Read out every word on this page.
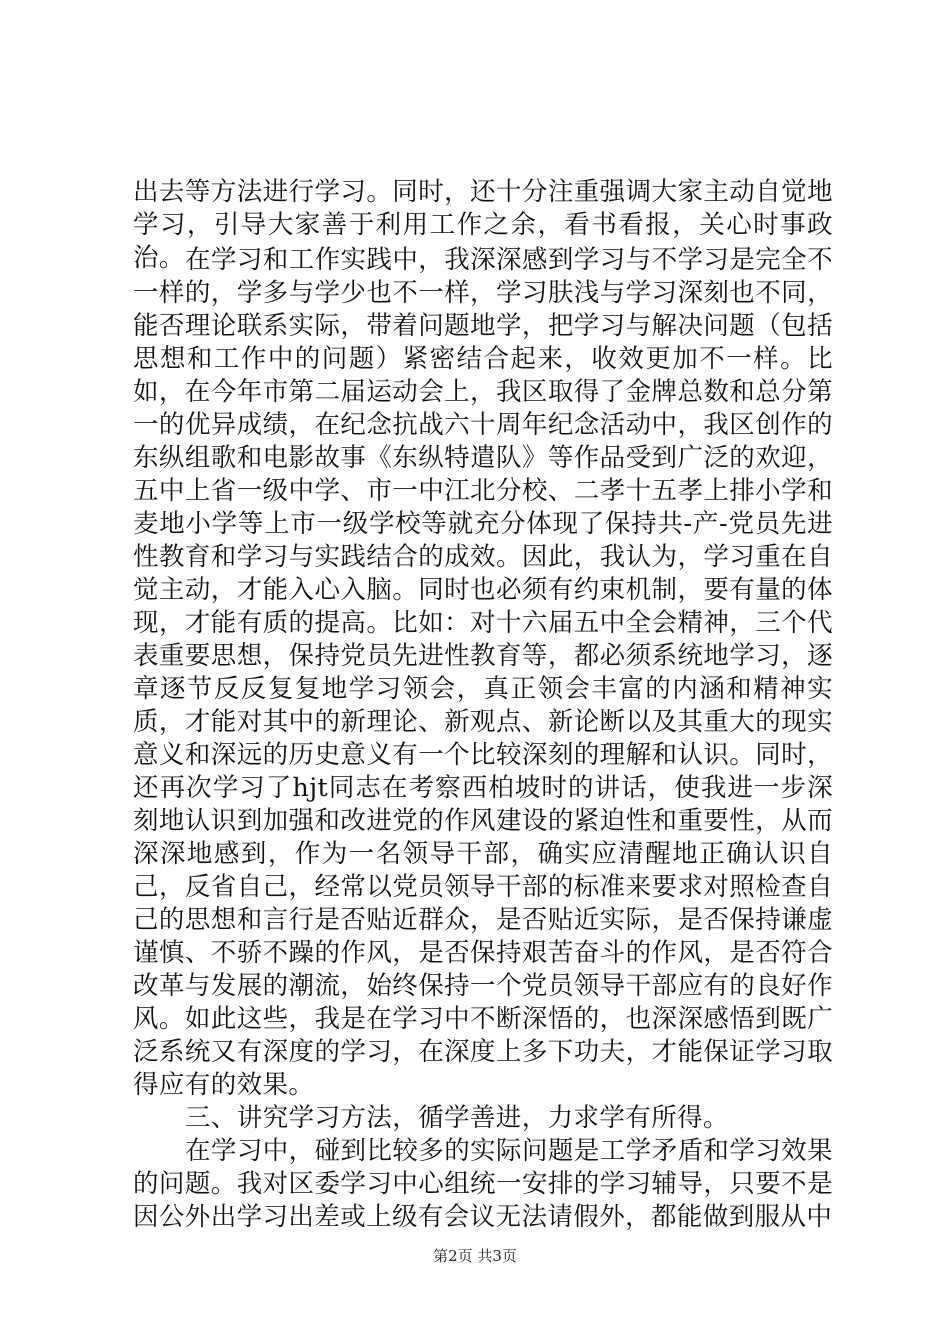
出去等方法进行学习。同时，还十分注重强调大家主动自觉地学习，引导大家善于利用工作之余，看书看报，关心时事政治。 在学习和工作实践中，我深深感到学习与不学习是完全不一样的，学多与学少也不一样，学习肤浅与学习深刻也不同，能否理论联系实际，带着问题地学，把学习与解决问题（包括思想和工作中的问题）紧密结合起来，收效更加不一样。比如，在今年市第二届运动会上，我区取得了金牌总数和总分第一的优异成绩，在纪念抗战六十周年纪念活动中，我区创作的东纵组歌和电影故事《东纵特遣队》等作品受到广泛的欢迎，五中上省一级中学、市一中江北分校、二孝十五孝上排小学和麦地小学等上市一级学校等就充分体现了保持共-产-党员先进性教育和学习与实践结合的成效。因此，我认为，学习重在自觉主动，才能入心入脑。同时也必须有约束机制，要有量的体现，才能有质的提高。比如：对十六届五中全会精神，三个代表重要思想，保持党员先进性教育等，都必须系统地学习，逐章逐节反反复复地学习领会，真正领会丰富的内涵和精神实质，才能对其中的新理论、新观点、新论断以及其重大的现实意义和深远的历史意义有一个比较深刻的理解和认识。同时，还再次学习了hjt同志在考察西柏坡时的讲话，使我进一步深刻地认识到加强和改进党的作风建设的紧迫性和重要性，从而深深地感到，作为一名领导干部，确实应清醒地正确认识自己，反省自己，经常以党员领导干部的标准来要求对照检查自己的思想和言行是否贴近群众，是否贴近实际，是否保持谦虚谨慎、不骄不躁的作风，是否保持艰苦奋斗的作风，是否符合改革与发展的潮流，始终保持一个党员领导干部应有的良好作风。如此这些，我是在学习中不断深悟的，也深深感悟到既广泛系统又有深度的学习，在深度上多下功夫，才能保证学习取得应有的效果。

三、讲究学习方法，循学善进，力求学有所得。

在学习中，碰到比较多的实际问题是工学矛盾和学习效果的问题。我对区委学习中心组统一安排的学习辅导，只要不是因公外出学习出差或上级有会议无法请假外，都能做到服从中

第2页 共3页
